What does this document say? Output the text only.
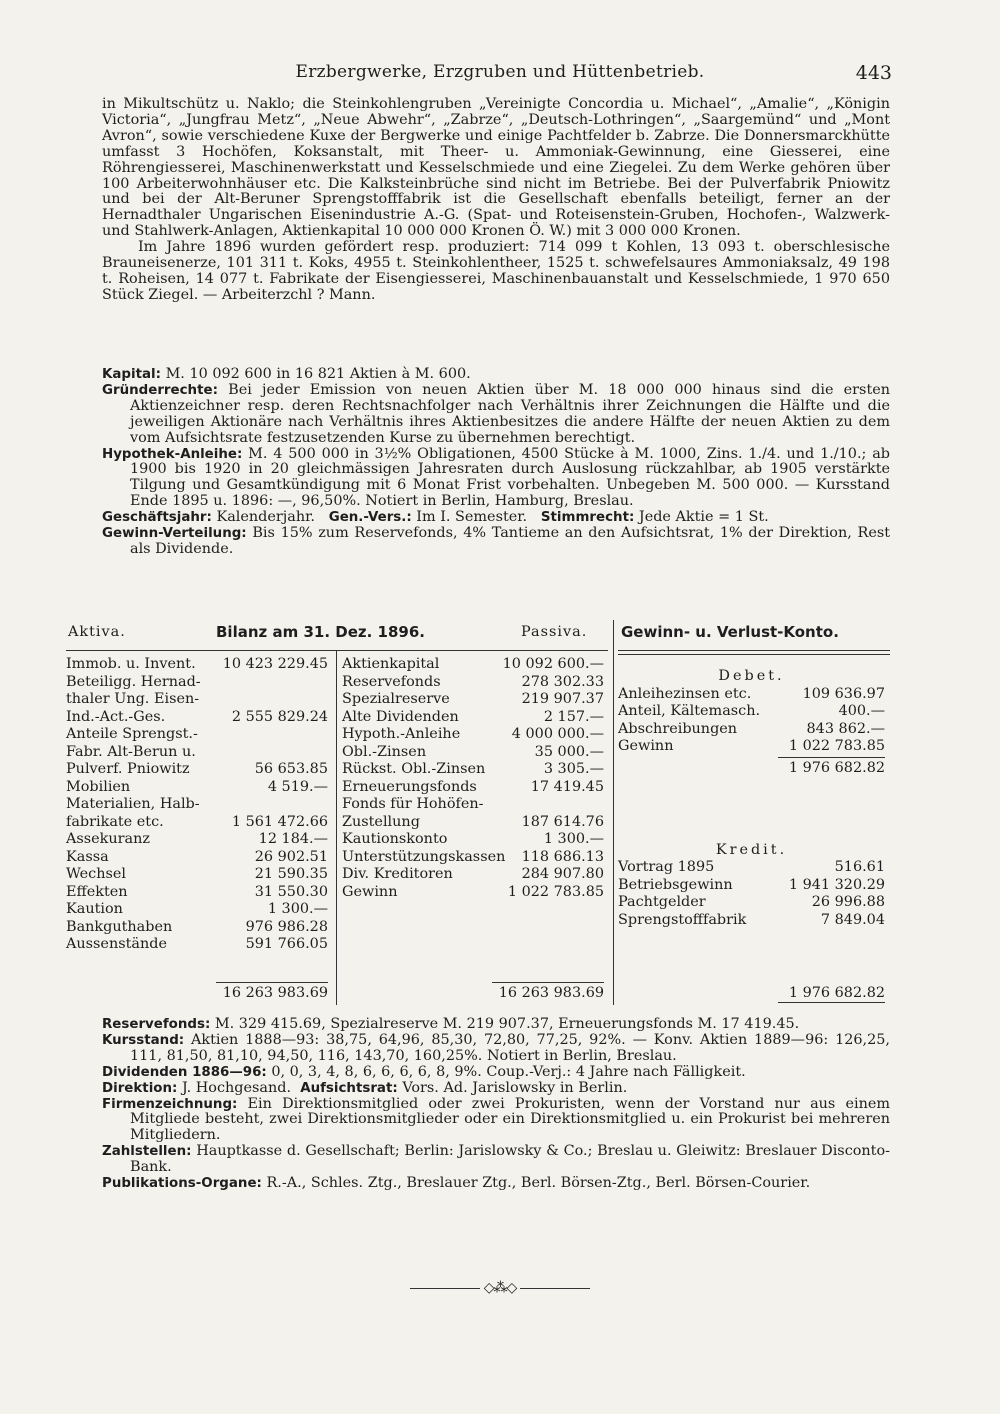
Erzbergwerke, Erzgruben und Hüttenbetrieb.	443

in Mikultschütz u. Naklo; die Steinkohlengruben „Vereinigte Concordia u. Michael“, „Amalie“, „Königin Victoria“, „Jungfrau Metz“, „Neue Abwehr“, „Zabrze“, „Deutsch-Lothringen“, „Saargemünd“ und „Mont Avron“, sowie verschiedene Kuxe der Bergwerke und einige Pachtfelder b. Zabrze. Die Donnersmarckhütte umfasst 3 Hochöfen, Koksanstalt, mit Theer- u. Ammoniak-Gewinnung, eine Giesserei, eine Röhrengiesserei, Maschinenwerkstatt und Kesselschmiede und eine Ziegelei. Zu dem Werke gehören über 100 Arbeiterwohnhäuser etc. Die Kalksteinbrüche sind nicht im Betriebe. Bei der Pulverfabrik Pniowitz und bei der Alt-Beruner Sprengstofffabrik ist die Gesellschaft ebenfalls beteiligt, ferner an der Hernadthaler Ungarischen Eisenindustrie A.-G. (Spat- und Roteisenstein-Gruben, Hochofen-, Walzwerk- und Stahlwerk-Anlagen, Aktienkapital 10 000 000 Kronen Ö. W.) mit 3 000 000 Kronen.

Im Jahre 1896 wurden gefördert resp. produziert: 714 099 t Kohlen, 13 093 t. oberschlesische Brauneisenerze, 101 311 t. Koks, 4955 t. Steinkohlentheer, 1525 t. schwefelsaures Ammoniaksalz, 49 198 t. Roheisen, 14 077 t. Fabrikate der Eisengiesserei, Maschinenbauanstalt und Kesselschmiede, 1 970 650 Stück Ziegel. — Arbeiterzchl ? Mann.

Kapital: M. 10 092 600 in 16 821 Aktien à M. 600.

Gründerrechte: Bei jeder Emission von neuen Aktien über M. 18 000 000 hinaus sind die ersten Aktienzeichner resp. deren Rechtsnachfolger nach Verhältnis ihrer Zeichnungen die Hälfte und die jeweiligen Aktionäre nach Verhältnis ihres Aktienbesitzes die andere Hälfte der neuen Aktien zu dem vom Aufsichtsrate festzusetzenden Kurse zu übernehmen berechtigt.

Hypothek-Anleihe: M. 4 500 000 in 3½% Obligationen, 4500 Stücke à M. 1000, Zins. 1./4. und 1./10.; ab 1900 bis 1920 in 20 gleichmässigen Jahresraten durch Auslosung rückzahlbar, ab 1905 verstärkte Tilgung und Gesamtkündigung mit 6 Monat Frist vorbehalten. Unbegeben M. 500 000. — Kursstand Ende 1895 u. 1896: —, 96,50%. Notiert in Berlin, Hamburg, Breslau.

Geschäftsjahr: Kalenderjahr. Gen.-Vers.: Im I. Semester. Stimmrecht: Jede Aktie = 1 St.

Gewinn-Verteilung: Bis 15% zum Reservefonds, 4% Tantieme an den Aufsichtsrat, 1% der Direktion, Rest als Dividende.

Aktiva.	Bilanz am 31. Dez. 1896.	Passiva. Gewinn- u. Verlust-Konto.
Immob. u. Invent. 10 423 229.45
Beteiligg. Hernad-
thaler Ung. Eisen-
Ind.-Act.-Ges.	2 555 829.24
Anteile Sprengst.-
Fabr. Alt-Berun u.
Pulverf. Pniowitz	56 653.85
Mobilien	4 519.—
Materialien, Halb-
fabrikate etc.	1 561 472.66
Assekuranz	12 184.—
Kassa	26 902.51
Wechsel	21 590.35
Effekten	31 550.30
Kaution	1 300.—
Bankguthaben	976 986.28
Aussenstände	591 766.05
Aktienkapital	10 092 600.—
Reservefonds	278 302.33
Spezialreserve	219 907.37
Alte Dividenden	2 157.—
Hypoth.-Anleihe	4 000 000.—
Obl.-Zinsen	35 000.—
Rückst. Obl.-Zinsen	3 305.—
Erneuerungsfonds	17 419.45
Fonds für Hohöfen-
Zustellung	187 614.76
Kautionskonto	1 300.—
Unterstützungskassen 118 686.13
Div. Kreditoren	284 907.80
Gewinn	1 022 783.85
Debet.
Anleihezinsen etc.	109 636.97
Anteil, Kältemasch.	400.—
Abschreibungen	843 862.—
Gewinn	1 022 783.85
1 976 682.82
Kredit.
Vortrag 1895	516.61
Betriebsgewinn	1 941 320.29
Pachtgelder	26 996.88
Sprengstofffabrik	7 849.04
16 263 983.69	16 263 983.69	1 976 682.82

Reservefonds: M. 329 415.69, Spezialreserve M. 219 907.37, Erneuerungsfonds M. 17 419.45.

Kursstand: Aktien 1888—93: 38,75, 64,96, 85,30, 72,80, 77,25, 92%. — Konv. Aktien 1889—96: 126,25, 111, 81,50, 81,10, 94,50, 116, 143,70, 160,25%. Notiert in Berlin, Breslau.

Dividenden 1886—96: 0, 0, 3, 4, 8, 6, 6, 6, 6, 8, 9%. Coup.-Verj.: 4 Jahre nach Fälligkeit.

Direktion: J. Hochgesand. Aufsichtsrat: Vors. Ad. Jarislowsky in Berlin.

Firmenzeichnung: Ein Direktionsmitglied oder zwei Prokuristen, wenn der Vorstand nur aus einem Mitgliede besteht, zwei Direktionsmitglieder oder ein Direktionsmitglied u. ein Prokurist bei mehreren Mitgliedern.

Zahlstellen: Hauptkasse d. Gesellschaft; Berlin: Jarislowsky & Co.; Breslau u. Gleiwitz: Breslauer Disconto-Bank.

Publikations-Organe: R.-A., Schles. Ztg., Breslauer Ztg., Berl. Börsen-Ztg., Berl. Börsen-Courier.

◇⁂◇
